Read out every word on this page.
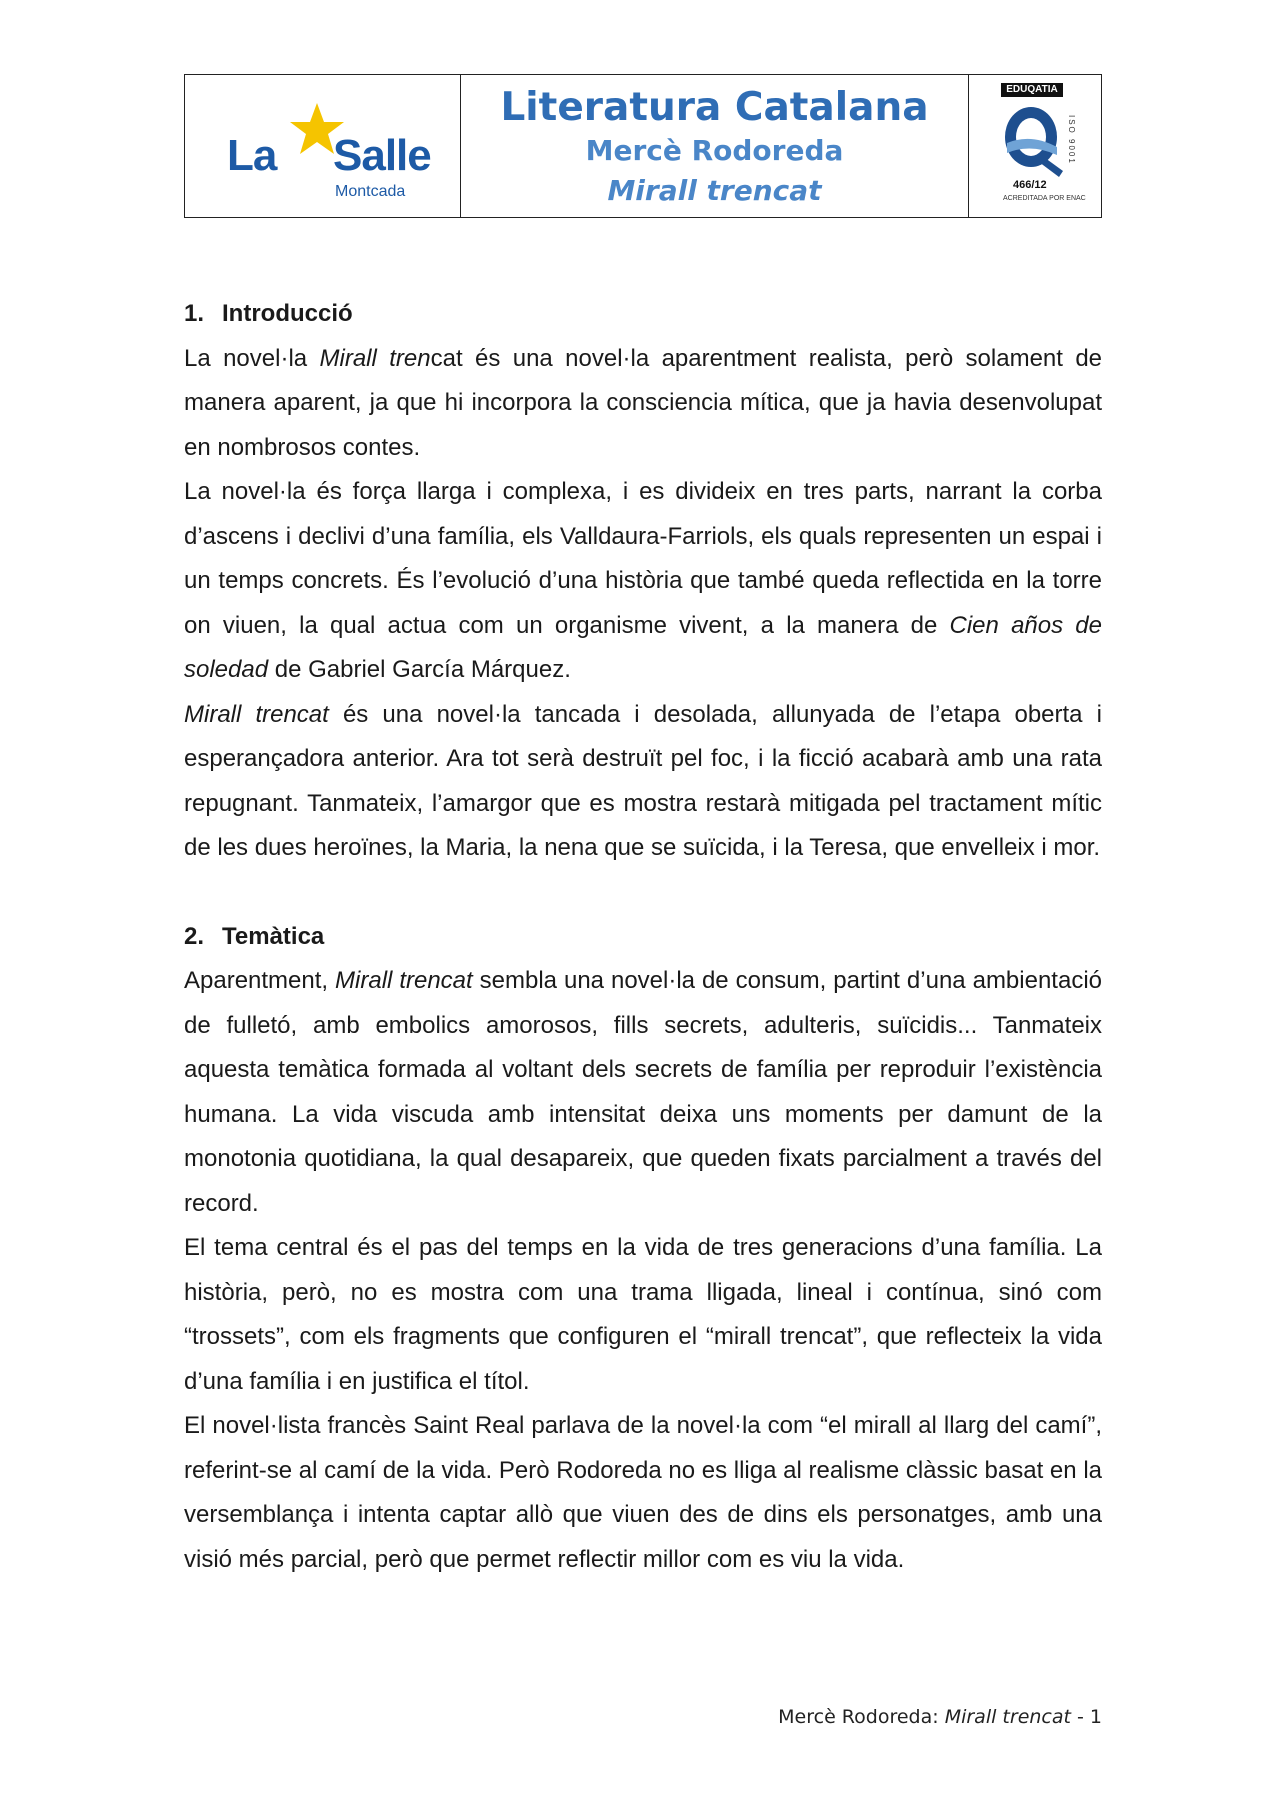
La Salle
Montcada
Literatura Catalana
Mercè Rodoreda
Mirall trencat
EDUQATIA
ISO 9001
466/12
ACREDITADA POR ENAC

1. Introducció

La novel·la Mirall trencat és una novel·la aparentment realista, però solament de manera aparent, ja que hi incorpora la consciencia mítica, que ja havia desenvolupat en nombrosos contes.

La novel·la és força llarga i complexa, i es divideix en tres parts, narrant la corba d’ascens i declivi d’una família, els Valldaura-Farriols, els quals representen un espai i un temps concrets. És l’evolució d’una història que també queda reflectida en la torre on viuen, la qual actua com un organisme vivent, a la manera de Cien años de soledad de Gabriel García Márquez.

Mirall trencat és una novel·la tancada i desolada, allunyada de l’etapa oberta i esperançadora anterior. Ara tot serà destruït pel foc, i la ficció acabarà amb una rata repugnant. Tanmateix, l’amargor que es mostra restarà mitigada pel tractament mític de les dues heroïnes, la Maria, la nena que se suïcida, i la Teresa, que envelleix i mor.

2. Temàtica

Aparentment, Mirall trencat sembla una novel·la de consum, partint d’una ambientació de fulletó, amb embolics amorosos, fills secrets, adulteris, suïcidis... Tanmateix aquesta temàtica formada al voltant dels secrets de família per reproduir l’existència humana. La vida viscuda amb intensitat deixa uns moments per damunt de la monotonia quotidiana, la qual desapareix, que queden fixats parcialment a través del record.

El tema central és el pas del temps en la vida de tres generacions d’una família. La història, però, no es mostra com una trama lligada, lineal i contínua, sinó com “trossets”, com els fragments que configuren el “mirall trencat”, que reflecteix la vida d’una família i en justifica el títol.

El novel·lista francès Saint Real parlava de la novel·la com “el mirall al llarg del camí”, referint-se al camí de la vida. Però Rodoreda no es lliga al realisme clàssic basat en la versemblança i intenta captar allò que viuen des de dins els personatges, amb una visió més parcial, però que permet reflectir millor com es viu la vida.

Mercè Rodoreda: Mirall trencat - 1
